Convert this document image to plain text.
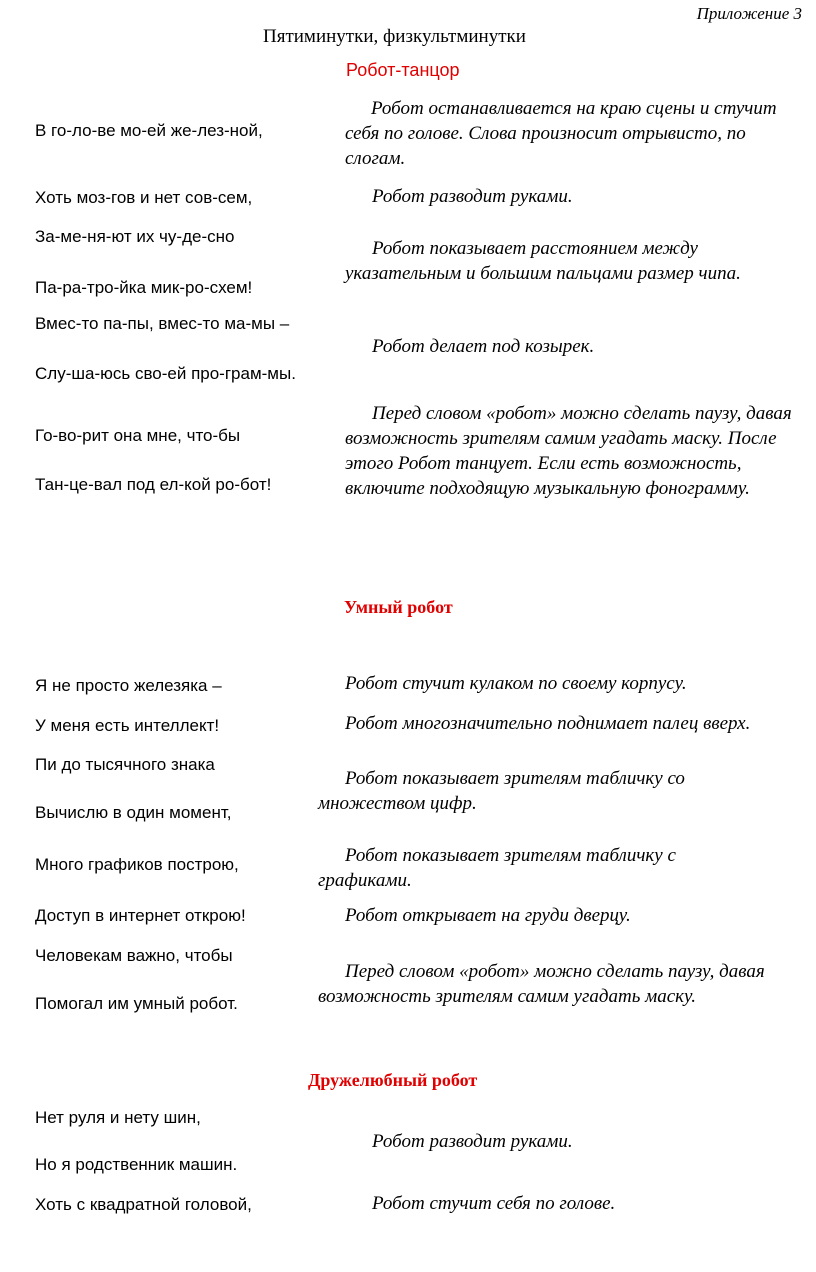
Приложение 3
Пятиминутки, физкультминутки
Робот-танцор
В го-ло-ве мо-ей же-лез-ной,
Хоть моз-гов и нет сов-сем,
За-ме-ня-ют их чу-де-сно
Па-ра-тро-йка мик-ро-схем!
Вмес-то па-пы, вмес-то ма-мы –
Слу-ша-юсь сво-ей про-грам-мы.
Го-во-рит она мне, что-бы
Тан-це-вал под ел-кой ро-бот!
Робот останавливается на краю сцены и стучит себя по голове. Слова произносит отрывисто, по слогам.
Робот разводит руками.
Робот показывает расстоянием между указательным и большим пальцами размер чипа.
Робот делает под козырек.
Перед словом «робот» можно сделать паузу, давая возможность зрителям самим угадать маску. После этого Робот танцует. Если есть возможность, включите подходящую музыкальную фонограмму.
Умный робот
Я не просто железяка –
У меня есть интеллект!
Пи до тысячного знака
Вычислю в один момент,
Много графиков построю,
Доступ в интернет открою!
Человекам важно, чтобы
Помогал им умный робот.
Робот стучит кулаком по своему корпусу.
Робот многозначительно поднимает палец вверх.
Робот показывает зрителям табличку со множеством цифр.
Робот показывает зрителям табличку с графиками.
Робот открывает на груди дверцу.
Перед словом «робот» можно сделать паузу, давая возможность зрителям самим угадать маску.
Дружелюбный робот
Нет руля и нету шин,
Но я родственник машин.
Хоть с квадратной головой,
Робот разводит руками.
Робот стучит себя по голове.
